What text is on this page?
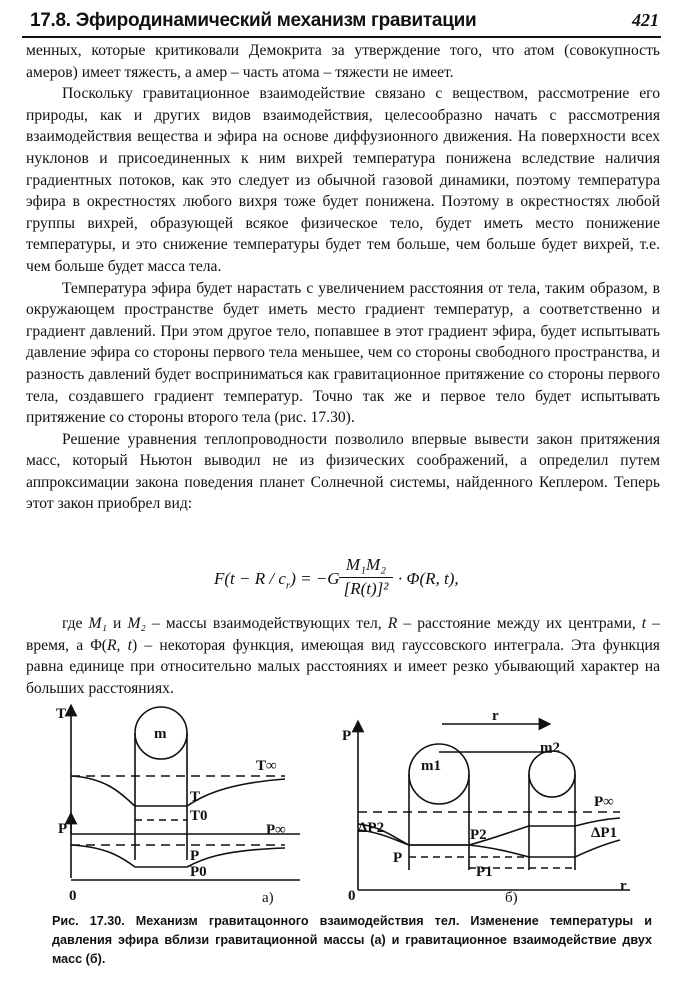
17.8. Эфиродинамический механизм гравитации	421

менных, которые критиковали Демокрита за утверждение того, что атом (совокупность амеров) имеет тяжесть, а амер – часть атома – тяжести не имеет.

Поскольку гравитационное взаимодействие связано с веществом, рассмотрение его природы, как и других видов взаимодействия, целесообразно начать с рассмотрения взаимодействия вещества и эфира на основе диффузионного движения. На поверхности всех нуклонов и присоединенных к ним вихрей температура понижена вследствие наличия градиентных потоков, как это следует из обычной газовой динамики, поэтому температура эфира в окрестностях любого вихря тоже будет понижена. Поэтому в окрестностях любой группы вихрей, образующей всякое физическое тело, будет иметь место понижение температуры, и это снижение температуры будет тем больше, чем больше будет вихрей, т.е. чем больше будет масса тела.

Температура эфира будет нарастать с увеличением расстояния от тела, таким образом, в окружающем пространстве будет иметь место градиент температур, а соответственно и градиент давлений. При этом другое тело, попавшее в этот градиент эфира, будет испытывать давление эфира со стороны первого тела меньшее, чем со стороны свободного пространства, и разность давлений будет восприниматься как гравитационное притяжение со стороны первого тела, создавшего градиент температур. Точно так же и первое тело будет испытывать притяжение со стороны второго тела (рис. 17.30).

Решение уравнения теплопроводности позволило впервые вывести закон притяжения масс, который Ньютон выводил не из физических соображений, а определил путем аппроксимации закона поведения планет Солнечной системы, найденного Кеплером. Теперь этот закон приобрел вид:

$F(t - R / c_r) = -G \frac{\text{M₁M₂}}{\text{[R(t)]²}} \cdot \Phi(R$, t),

где M₁ и M₂ – массы взаимодействующих тел, R – расстояние между их центрами, t – время, а Φ(R, t) – некоторая функция, имеющая вид гауссовского интеграла. Эта функция равна единице при относительно малых расстояниях и имеет резко убывающий характер на больших расстояниях.

T
P
0
m
T∞
T
T0
P∞
P
P0
а)
P
0
r
r
m1
m2
P∞
ΔP2	ΔP1
P2
P
P1
б)
Рис. 17.30. Механизм гравитацонного взаимодействия тел. Изменение температуры и давления эфира вблизи гравитационной массы (а) и гравитационное взаимодействие двух масс (б).
